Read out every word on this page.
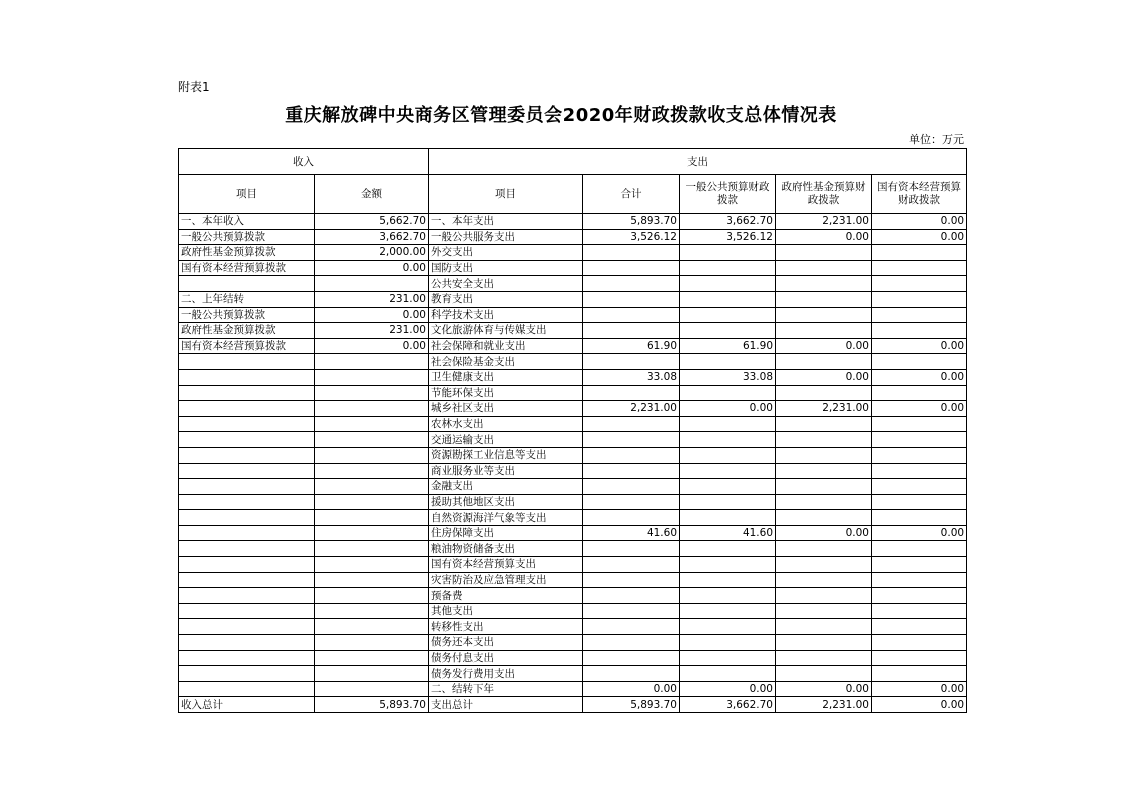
附表1
重庆解放碑中央商务区管理委员会2020年财政拨款收支总体情况表
单位：万元
收入		支出				
项目	金额	项目	合计	一般公共预算财政拨款	政府性基金预算财政拨款	国有资本经营预算财政拨款
一、本年收入	5,662.70	一、本年支出	5,893.70	3,662.70	2,231.00	0.00
一般公共预算拨款	3,662.70	一般公共服务支出	3,526.12	3,526.12	0.00	0.00
政府性基金预算拨款	2,000.00	外交支出				
国有资本经营预算拨款	0.00	国防支出				
		公共安全支出				
二、上年结转	231.00	教育支出				
一般公共预算拨款	0.00	科学技术支出				
政府性基金预算拨款	231.00	文化旅游体育与传媒支出				
国有资本经营预算拨款	0.00	社会保障和就业支出	61.90	61.90	0.00	0.00
		社会保险基金支出				
		卫生健康支出	33.08	33.08	0.00	0.00
		节能环保支出				
		城乡社区支出	2,231.00	0.00	2,231.00	0.00
		农林水支出				
		交通运输支出				
		资源勘探工业信息等支出				
		商业服务业等支出				
		金融支出				
		援助其他地区支出				
		自然资源海洋气象等支出				
		住房保障支出	41.60	41.60	0.00	0.00
		粮油物资储备支出				
		国有资本经营预算支出				
		灾害防治及应急管理支出				
		预备费				
		其他支出				
		转移性支出				
		债务还本支出				
		债务付息支出				
		债务发行费用支出				
		二、结转下年	0.00	0.00	0.00	0.00
收入总计	5,893.70	支出总计	5,893.70	3,662.70	2,231.00	0.00
